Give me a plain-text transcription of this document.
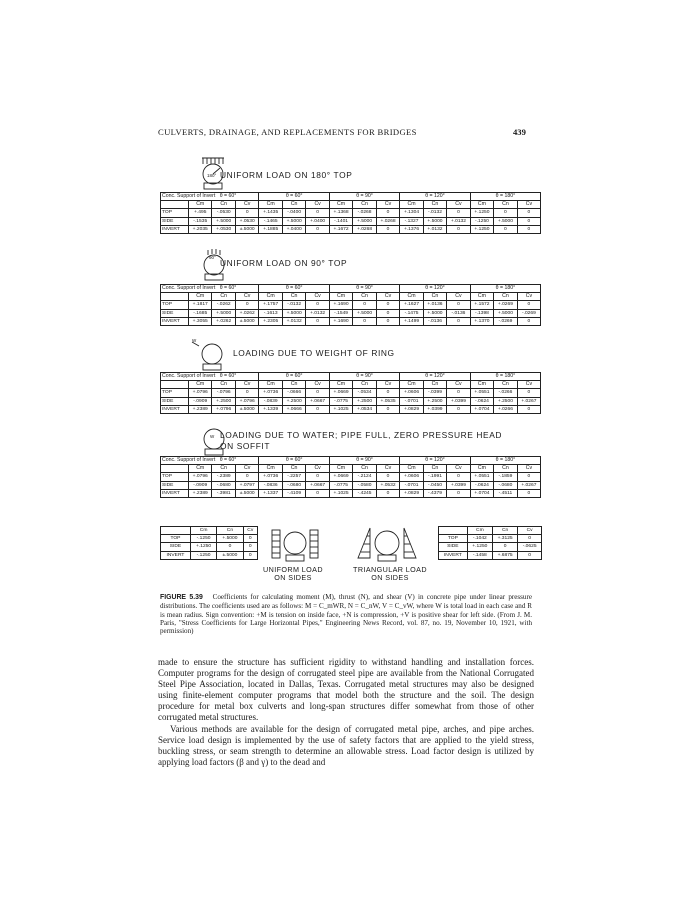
CULVERTS, DRAINAGE, AND REPLACEMENTS FOR BRIDGES	439
180° UNIFORM LOAD ON 180° TOP
Conc. Support of Invert θ = 60°				θ = 60°			θ = 90°			θ = 120°			θ = 180°		
	Cm	Cn	Cv	Cm	Cn	Cv	Cm	Cn	Cv	Cm	Cn	Cv	Cm	Cn	Cv
TOP	+.495	-.0530	0	+.1435	-.0400	0	+.1368	-.0268	0	+.1304	-.0132	0	+.1250	0	0
SIDE	-.1535	+.5000	+.0530	-.1465	+.5000	+.0400	-.1401	+.5000	+.0268	-.1327	+.5000	+.0132	-.1250	+.5000	0
INVERT	+.2035	+.0530	±.5000	+.1885	+.0400	0	+.1672	+.0268	0	+.1376	+.0132	0	+.1250	0	0
90°
UNIFORM LOAD ON 90° TOP
Conc. Support of Invert θ = 60°				θ = 60°			θ = 90°			θ = 120°			θ = 180°		
	Cm	Cn	Cv	Cm	Cn	Cv	Cm	Cn	Cv	Cm	Cn	Cv	Cm	Cn	Cv
TOP	+.1817	-.0262	0	+.1757	-.0132	0	+.1690	0	0	+.1627	+.0136	0	+.1572	+.0269	0
SIDE	-.1685	+.5000	+.0262	-.1613	+.5000	+.0132	-.1549	+.5000	0	-.1475	+.5000	-.0136	-.1398	+.5000	-.0269
INVERT	+.3055	+.0262	±.5000	+.2305	+.0132	0	+.1690	0	0	+.1499	-.0136	0	+.1370	-.0269	0
W
LOADING DUE TO WEIGHT OF RING
Conc. Support of Invert θ = 60°				θ = 60°			θ = 90°			θ = 120°			θ = 180°		
	Cm	Cn	Cv	Cm	Cn	Cv	Cm	Cn	Cv	Cm	Cn	Cv	Cm	Cn	Cv
TOP	+.0796	-.0796	0	+.0736	-.0666	0	+.0669	-.0534	0	+.0606	-.0399	0	+.0551	-.0266	0
SIDE	-.0909	+.2500	+.0796	-.0839	+.2500	+.0667	-.0775	+.2500	+.0535	-.0701	+.2500	+.0399	-.0624	+.2500	+.0267
INVERT	+.2389	+.0796	±.5000	+.1339	+.0666	0	+.1025	+.0534	0	+.0829	+.0399	0	+.0704	+.0266	0
W LOADING DUE TO WATER; PIPE FULL, ZERO PRESSURE HEAD
ON SOFFIT
Conc. Support of Invert θ = 60°				θ = 60°			θ = 90°			θ = 120°			θ = 180°		
	Cm	Cn	Cv	Cm	Cn	Cv	Cm	Cn	Cv	Cm	Cn	Cv	Cm	Cn	Cv
TOP	+.0796	-.2389	0	+.0736	-.2257	0	+.0669	-.2124	0	+.0606	-.1991	0	+.0551	-.1859	0
SIDE	-.0909	-.0680	+.0797	-.0836	-.0680	+.0667	-.0775	-.0580	+.0532	-.0701	-.0450	+.0399	-.0624	-.0680	+.0267
INVERT	+.2389	-.3981	±.5000	+.1337	-.4109	0	+.1025	-.4245	0	+.0829	-.4379	0	+.0704	-.4511	0
	Cm	Cn	Cv
TOP	-.1250	+.5000	0
SIDE	+.1250	0	0
INVERT	-.1250	±.5000	0
UNIFORM LOAD
ON SIDES
TRIANGULAR LOAD
ON SIDES
	Cm	Cn	Cv
TOP	-.1042	+.3125	0
SIDE	+.1250	0	-.0625
INVERT	-.1458	+.6875	0
FIGURE 5.39 Coefficients for calculating moment (M), thrust (N), and shear (V) in concrete pipe under linear pressure distributions. The coefficients used are as follows: M = C_mWR, N = C_nW, V = C_vW, where W is total load in each case and R is mean radius. Sign convention: +M is tension on inside face, +N is compression, +V is positive shear for left side. (From J. M. Paris, "Stress Coefficients for Large Horizontal Pipes," Engineering News Record, vol. 87, no. 19, November 10, 1921, with permission)

made to ensure the structure has sufficient rigidity to withstand handling and installation forces. Computer programs for the design of corrugated steel pipe are available from the National Corrugated Steel Pipe Association, located in Dallas, Texas. Corrugated metal structures may also be designed using finite-element computer programs that model both the structure and the soil. The design procedure for metal box culverts and long-span structures differ somewhat from those of other corrugated metal structures.

Various methods are available for the design of corrugated metal pipe, arches, and pipe arches. Service load design is implemented by the use of safety factors that are applied to the yield stress, buckling stress, or seam strength to determine an allowable stress. Load factor design is utilized by applying load factors (β and γ) to the dead and
